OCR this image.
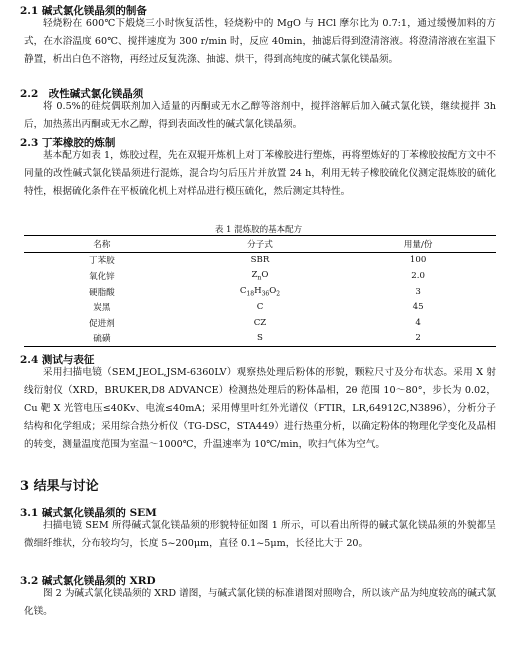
2.1 碱式氯化镁晶须的制备
轻烧粉在 600℃下煅烧三小时恢复活性，轻烧粉中的 MgO 与 HCl 摩尔比为 0.7:1，通过缓慢加料的方式，在水浴温度 60℃、搅拌速度为 300 r/min 时，反应 40min，抽滤后得到澄清溶液。将澄清溶液在室温下静置，析出白色不溶物，再经过反复洗涤、抽滤、烘干，得到高纯度的碱式氯化镁晶须。
2.2　改性碱式氯化镁晶须
将 0.5%的硅烷偶联剂加入适量的丙酮或无水乙醇等溶剂中，搅拌溶解后加入碱式氯化镁，继续搅拌 3h 后，加热蒸出丙酮或无水乙醇，得到表面改性的碱式氯化镁晶须。
2.3 丁苯橡胶的炼制
基本配方如表 1，炼胶过程，先在双辊开炼机上对丁苯橡胶进行塑炼，再将塑炼好的丁苯橡胶按配方文中不同量的改性碱式氯化镁晶须进行混炼，混合均匀后压片并放置 24 h，利用无转子橡胶硫化仪测定混炼胶的硫化特性，根据硫化条件在平板硫化机上对样品进行模压硫化，然后测定其特性。
表 1 混炼胶的基本配方
名称	分子式	用量/份
丁苯胶	SBR	100
氧化锌	$Z_nO$	2.0
硬脂酸	$C_{18}H_{36}O_2$	3
炭黑	C	45
促进剂	CZ	4
硫磺	S	2
2.4 测试与表征
采用扫描电镜（SEM,JEOL,JSM-6360LV）观察热处理后粉体的形貌，颗粒尺寸及分布状态。采用 X 射线衍射仪（XRD，BRUKER,D8 ADVANCE）检测热处理后的粉体晶相，2θ 范围 10～80°，步长为 0.02，Cu 靶 X 光管电压≤40Kv、电流≤40mA；采用傅里叶红外光谱仪（FTIR，LR,64912C,N3896），分析分子结构和化学组成；采用综合热分析仪（TG-DSC，STA449）进行热重分析，以确定粉体的物理化学变化及晶相的转变，测量温度范围为室温～1000℃，升温速率为 10℃/min，吹扫气体为空气。
3 结果与讨论
3.1 碱式氯化镁晶须的 SEM
扫描电镜 SEM 所得碱式氯化镁晶须的形貌特征如图 1 所示，可以看出所得的碱式氯化镁晶须的外貌都呈微细纤维状，分布较均匀，长度 5~200μm，直径 0.1~5μm，长径比大于 20。
3.2 碱式氯化镁晶须的 XRD
图 2 为碱式氯化镁晶须的 XRD 谱图，与碱式氯化镁的标准谱图对照吻合，所以该产品为纯度较高的碱式氯化镁。
